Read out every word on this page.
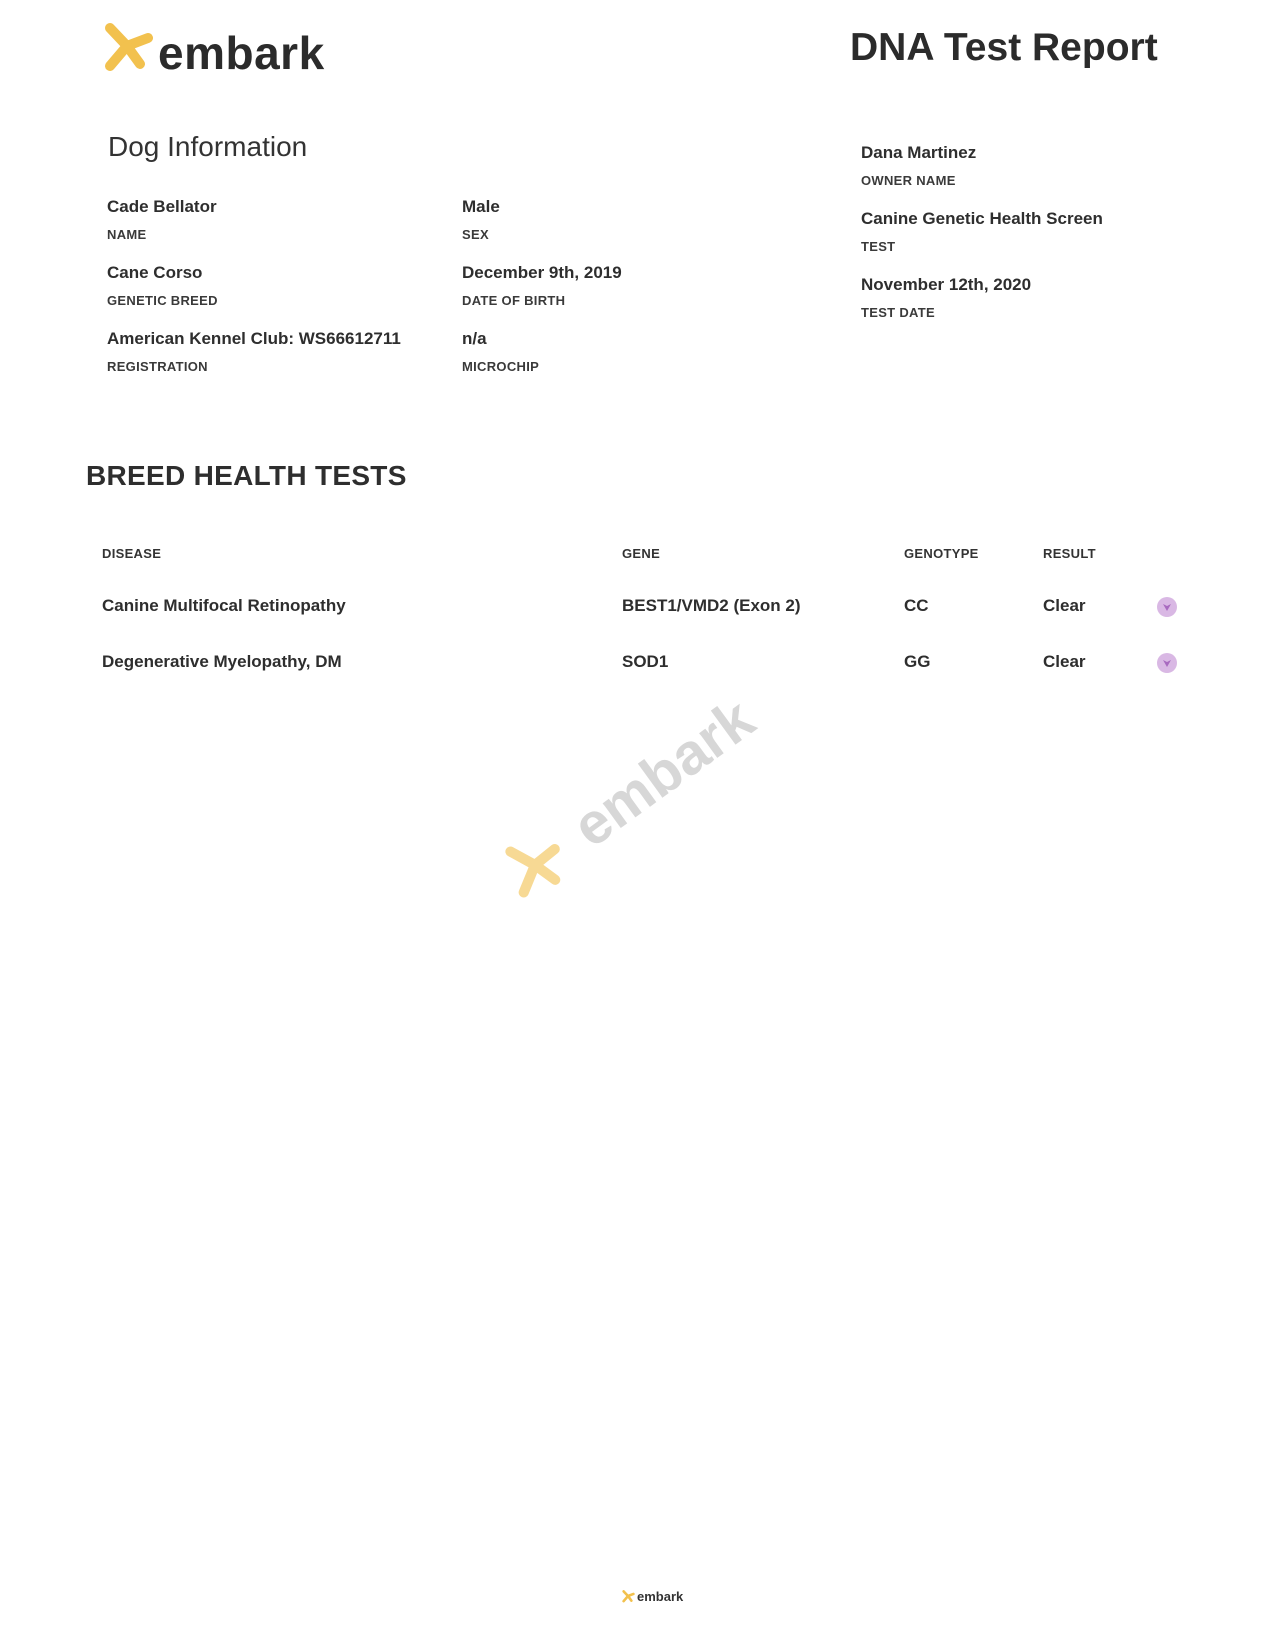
embark	DNA Test Report
Dog Information
Cade Bellator
NAME
Male
SEX
Cane Corso
GENETIC BREED
December 9th, 2019
DATE OF BIRTH
American Kennel Club: WS66612711
REGISTRATION
n/a
MICROCHIP
Dana Martinez
OWNER NAME
Canine Genetic Health Screen
TEST
November 12th, 2020
TEST DATE
BREED HEALTH TESTS
DISEASE	GENE	GENOTYPE	RESULT
Canine Multifocal Retinopathy	BEST1/VMD2 (Exon 2)	CC	Clear
Degenerative Myelopathy, DM	SOD1	GG	Clear
embark
embark
